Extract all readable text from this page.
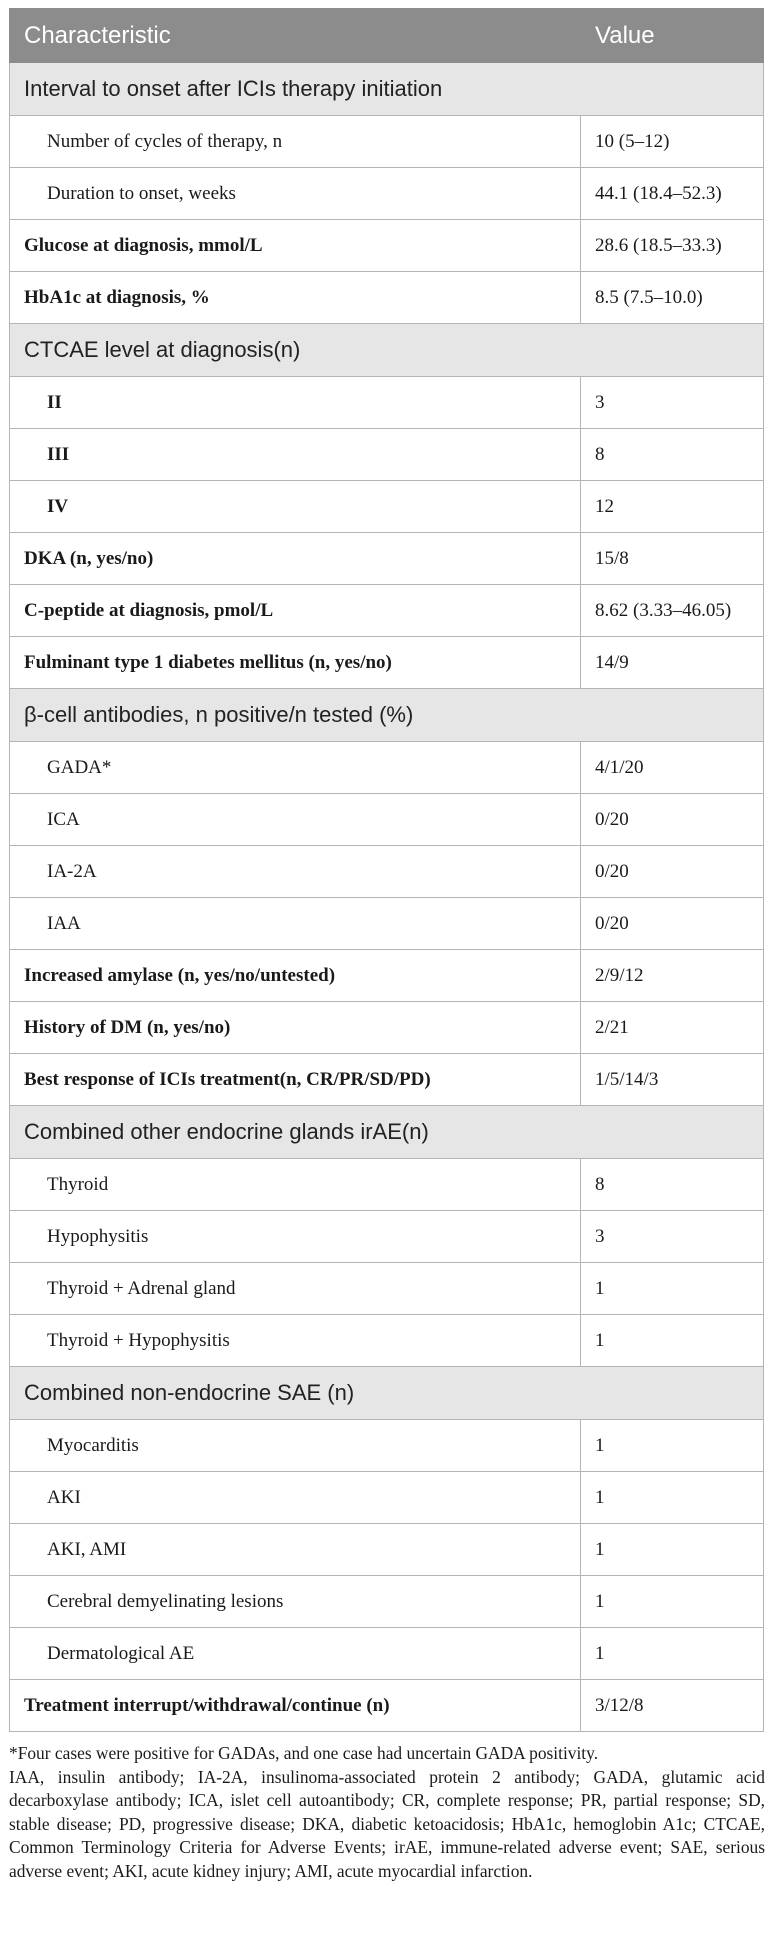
Characteristic	Value
Interval to onset after ICIs therapy initiation	
Number of cycles of therapy, n	10 (5–12)
Duration to onset, weeks	44.1 (18.4–52.3)
Glucose at diagnosis, mmol/L	28.6 (18.5–33.3)
HbA1c at diagnosis, %	8.5 (7.5–10.0)
CTCAE level at diagnosis(n)	
II	3
III	8
IV	12
DKA (n, yes/no)	15/8
C-peptide at diagnosis, pmol/L	8.62 (3.33–46.05)
Fulminant type 1 diabetes mellitus (n, yes/no)	14/9
β-cell antibodies, n positive/n tested (%)	
GADA*	4/1/20
ICA	0/20
IA-2A	0/20
IAA	0/20
Increased amylase (n, yes/no/untested)	2/9/12
History of DM (n, yes/no)	2/21
Best response of ICIs treatment(n, CR/PR/SD/PD)	1/5/14/3
Combined other endocrine glands irAE(n)	
Thyroid	8
Hypophysitis	3
Thyroid + Adrenal gland	1
Thyroid + Hypophysitis	1
Combined non-endocrine SAE (n)	
Myocarditis	1
AKI	1
AKI, AMI	1
Cerebral demyelinating lesions	1
Dermatological AE	1
Treatment interrupt/withdrawal/continue (n)	3/12/8

*Four cases were positive for GADAs, and one case had uncertain GADA positivity.

IAA, insulin antibody; IA-2A, insulinoma-associated protein 2 antibody; GADA, glutamic acid decarboxylase antibody; ICA, islet cell autoantibody; CR, complete response; PR, partial response; SD, stable disease; PD, progressive disease; DKA, diabetic ketoacidosis; HbA1c, hemoglobin A1c; CTCAE, Common Terminology Criteria for Adverse Events; irAE, immune-related adverse event; SAE, serious adverse event; AKI, acute kidney injury; AMI, acute myocardial infarction.
